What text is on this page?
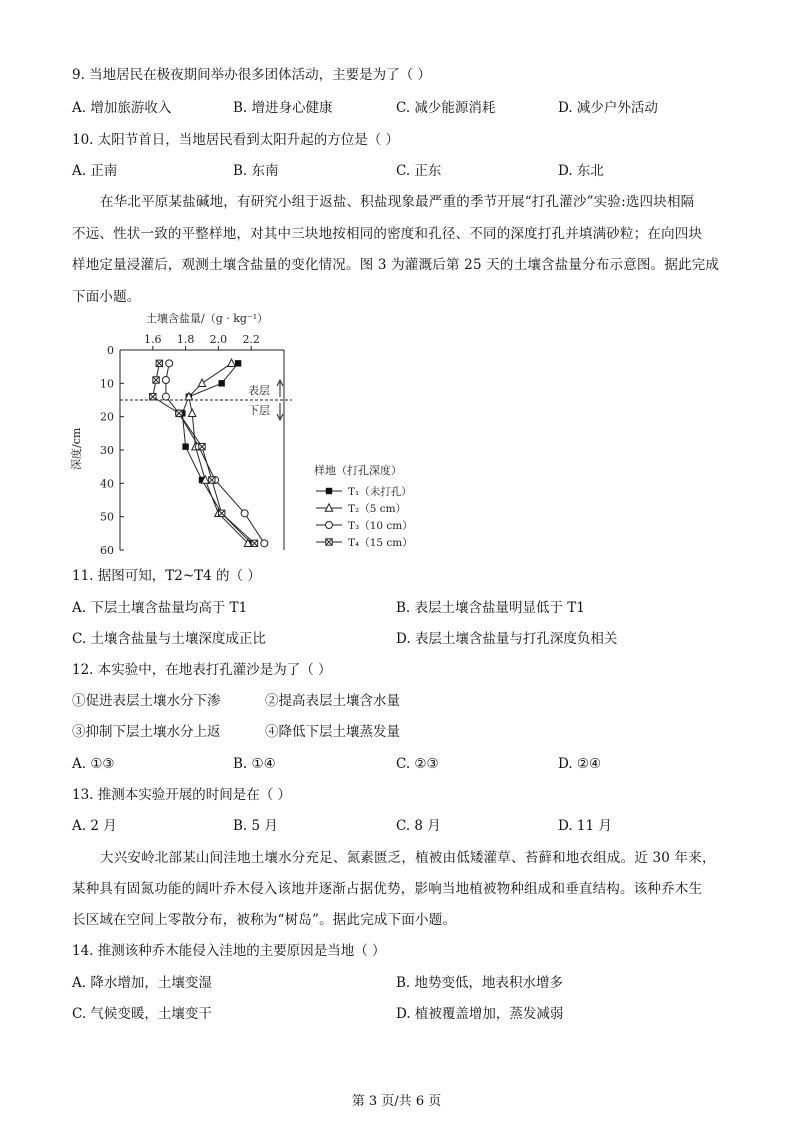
9. 当地居民在极夜期间举办很多团体活动，主要是为了（ ）
A. 增加旅游收入	B. 增进身心健康	C. 减少能源消耗	D. 减少户外活动
10. 太阳节首日，当地居民看到太阳升起的方位是（ ）
A. 正南	B. 东南	C. 正东	D. 东北
在华北平原某盐碱地，有研究小组于返盐、积盐现象最严重的季节开展“打孔灌沙”实验:选四块相隔
不远、性状一致的平整样地，对其中三块地按相同的密度和孔径、不同的深度打孔并填满砂粒；在向四块
样地定量浸灌后，观测土壤含盐量的变化情况。图 3 为灌溉后第 25 天的土壤含盐量分布示意图。据此完成
下面小题。
土壤含盐量/（g · kg⁻¹）
深度/cm
1.6 1.8 2.0 2.2
0
10
20
30
40
50
60
表层
下层
样地（打孔深度）
T₁（未打孔）
T₂（5 cm）
T₃（10 cm）
T₄（15 cm）
11. 据图可知，T2~T4 的（ ）
A. 下层土壤含盐量均高于 T1	B. 表层土壤含盐量明显低于 T1
C. 土壤含盐量与土壤深度成正比	D. 表层土壤含盐量与打孔深度负相关
12. 本实验中，在地表打孔灌沙是为了（ ）
①促进表层土壤水分下渗	②提高表层土壤含水量
③抑制下层土壤水分上返	④降低下层土壤蒸发量
A. ①③	B. ①④	C. ②③	D. ②④
13. 推测本实验开展的时间是在（ ）
A. 2 月	B. 5 月	C. 8 月	D. 11 月
大兴安岭北部某山间洼地土壤水分充足、氮素匮乏，植被由低矮灌草、苔藓和地衣组成。近 30 年来，
某种具有固氮功能的阔叶乔木侵入该地并逐渐占据优势，影响当地植被物种组成和垂直结构。该种乔木生
长区域在空间上零散分布，被称为“树岛”。据此完成下面小题。
14. 推测该种乔木能侵入洼地的主要原因是当地（ ）
A. 降水增加，土壤变湿	B. 地势变低，地表积水增多
C. 气候变暖，土壤变干	D. 植被覆盖增加，蒸发减弱
第 3 页/共 6 页
